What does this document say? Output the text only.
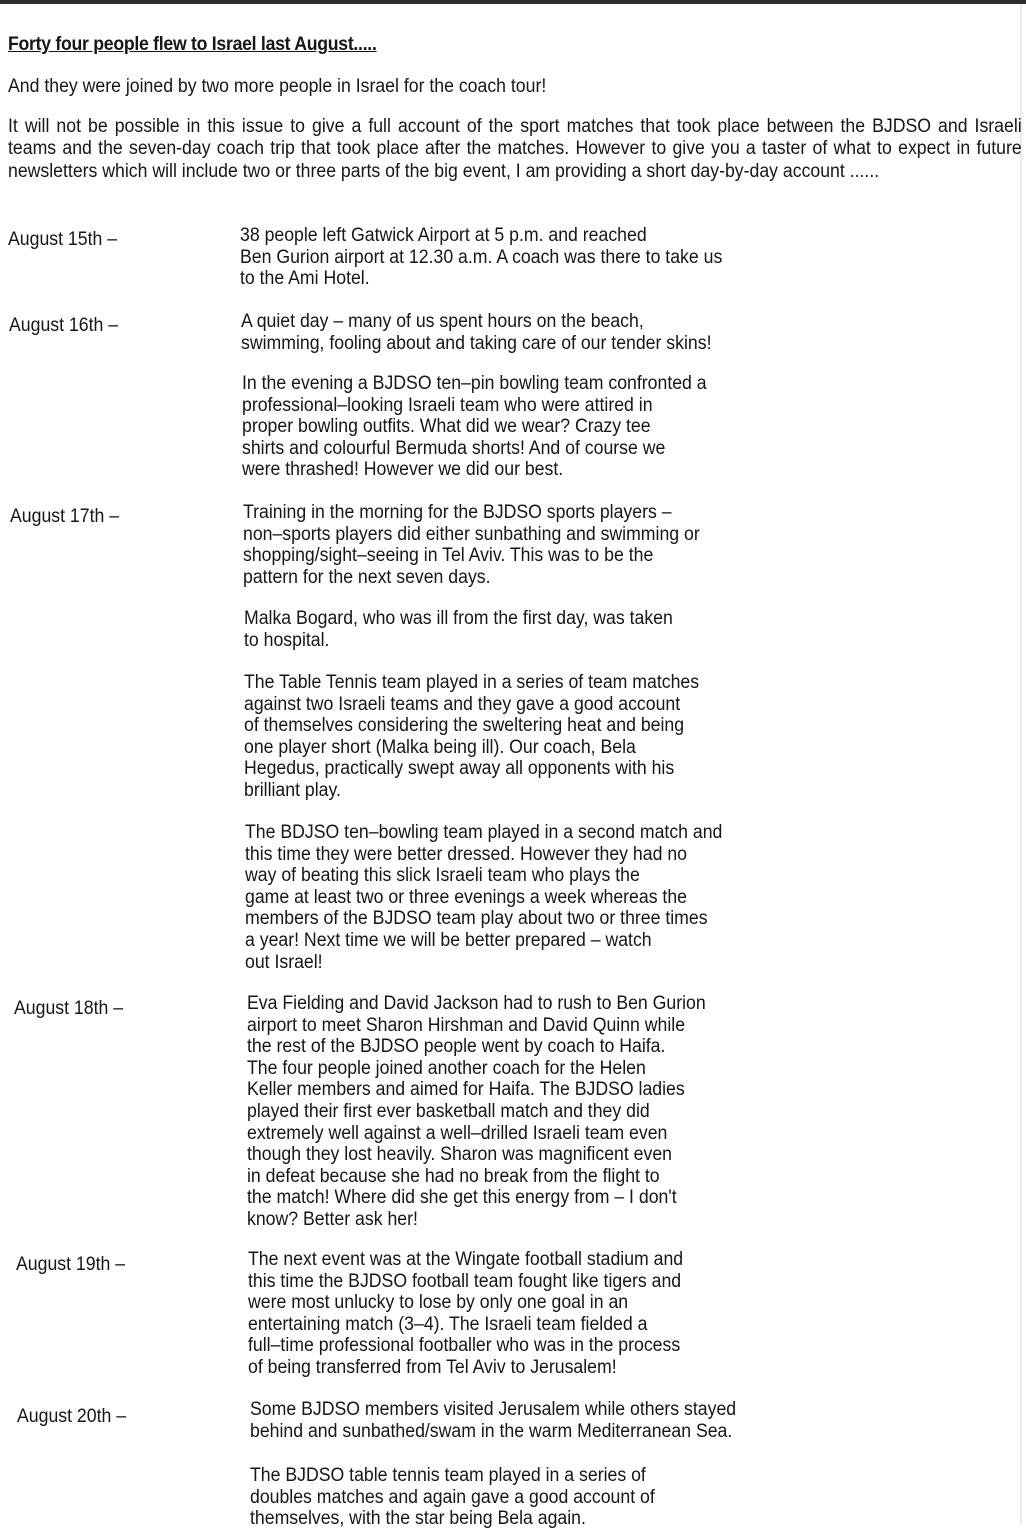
Forty four people flew to Israel last August.....
And they were joined by two more people in Israel for the coach tour!
It will not be possible in this issue to give a full account of the sport matches that took place between the BJDSO and Israeli teams and the seven-day coach trip that took place after the matches. However to give you a taster of what to expect in future newsletters which will include two or three parts of the big event, I am providing a short day-by-day account ......
August 15th –	38 people left Gatwick Airport at 5 p.m. and reached
Ben Gurion airport at 12.30 a.m. A coach was there to take us
to the Ami Hotel.
August 16th –	A quiet day – many of us spent hours on the beach,
swimming, fooling about and taking care of our tender skins!
In the evening a BJDSO ten–pin bowling team confronted a
professional–looking Israeli team who were attired in
proper bowling outfits. What did we wear? Crazy tee
shirts and colourful Bermuda shorts! And of course we
were thrashed! However we did our best.
August 17th –	Training in the morning for the BJDSO sports players –
non–sports players did either sunbathing and swimming or
shopping/sight–seeing in Tel Aviv. This was to be the
pattern for the next seven days.
Malka Bogard, who was ill from the first day, was taken
to hospital.
The Table Tennis team played in a series of team matches
against two Israeli teams and they gave a good account
of themselves considering the sweltering heat and being
one player short (Malka being ill). Our coach, Bela
Hegedus, practically swept away all opponents with his
brilliant play.
The BDJSO ten–bowling team played in a second match and
this time they were better dressed. However they had no
way of beating this slick Israeli team who plays the
game at least two or three evenings a week whereas the
members of the BJDSO team play about two or three times
a year! Next time we will be better prepared – watch
out Israel!
August 18th –	Eva Fielding and David Jackson had to rush to Ben Gurion
airport to meet Sharon Hirshman and David Quinn while
the rest of the BJDSO people went by coach to Haifa.
The four people joined another coach for the Helen
Keller members and aimed for Haifa. The BJDSO ladies
played their first ever basketball match and they did
extremely well against a well–drilled Israeli team even
though they lost heavily. Sharon was magnificent even
in defeat because she had no break from the flight to
the match! Where did she get this energy from – I don't
know? Better ask her!
August 19th –	The next event was at the Wingate football stadium and
this time the BJDSO football team fought like tigers and
were most unlucky to lose by only one goal in an
entertaining match (3–4). The Israeli team fielded a
full–time professional footballer who was in the process
of being transferred from Tel Aviv to Jerusalem!
August 20th –	Some BJDSO members visited Jerusalem while others stayed
behind and sunbathed/swam in the warm Mediterranean Sea.
The BJDSO table tennis team played in a series of
doubles matches and again gave a good account of
themselves, with the star being Bela again.
